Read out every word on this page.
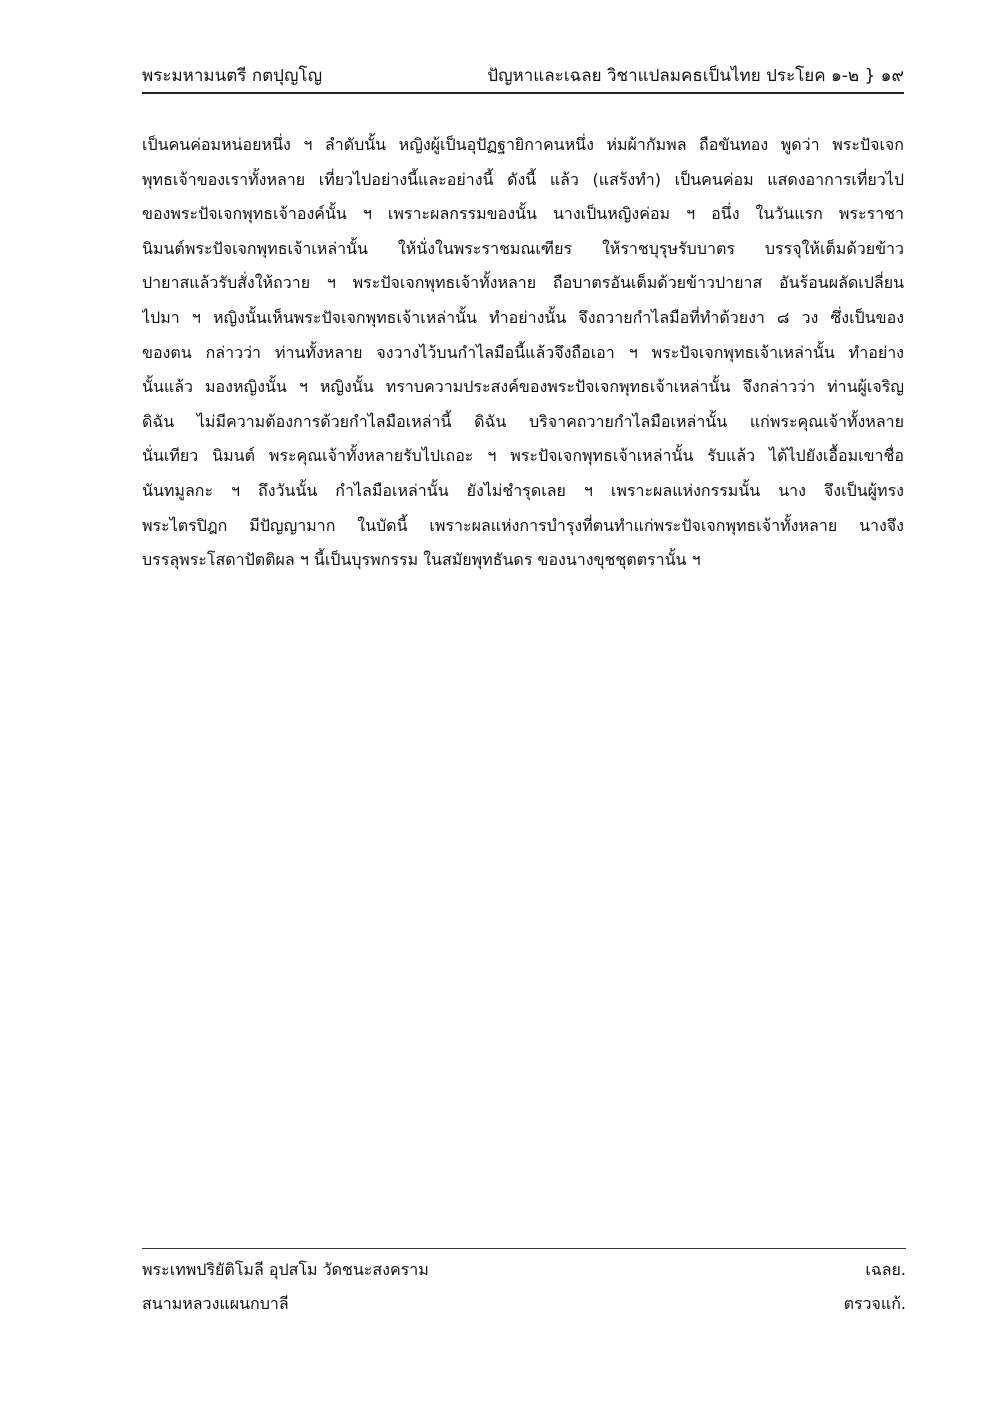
พระมหามนตรี กตปุญโญ	ปัญหาและเฉลย วิชาแปลมคธเป็นไทย ประโยค ๑-๒ } ๑๙
เป็นคนค่อมหน่อยหนึ่ง ฯ ลำดับนั้น หญิงผู้เป็นอุปัฏฐายิกาคนหนึ่ง ห่มผ้ากัมพล ถือขันทอง พูดว่า พระปัจเจก
พุทธเจ้าของเราทั้งหลาย เที่ยวไปอย่างนี้และอย่างนี้ ดังนี้ แล้ว (แสร้งทำ) เป็นคนค่อม แสดงอาการเที่ยวไป
ของพระปัจเจกพุทธเจ้าองค์นั้น ฯ เพราะผลกรรมของนั้น นางเป็นหญิงค่อม ฯ อนึ่ง ในวันแรก พระราชา
นิมนต์พระปัจเจกพุทธเจ้าเหล่านั้น ให้นั่งในพระราชมณเฑียร ให้ราชบุรุษรับบาตร บรรจุให้เต็มด้วยข้าว
ปายาสแล้วรับสั่งให้ถวาย ฯ พระปัจเจกพุทธเจ้าทั้งหลาย ถือบาตรอันเต็มด้วยข้าวปายาส อันร้อนผลัดเปลี่ยน
ไปมา ฯ หญิงนั้นเห็นพระปัจเจกพุทธเจ้าเหล่านั้น ทำอย่างนั้น จึงถวายกำไลมือที่ทำด้วยงา ๘ วง ซึ่งเป็นของ
ของตน กล่าวว่า ท่านทั้งหลาย จงวางไว้บนกำไลมือนี้แล้วจึงถือเอา ฯ พระปัจเจกพุทธเจ้าเหล่านั้น ทำอย่าง
นั้นแล้ว มองหญิงนั้น ฯ หญิงนั้น ทราบความประสงค์ของพระปัจเจกพุทธเจ้าเหล่านั้น จึงกล่าวว่า ท่านผู้เจริญ
ดิฉัน ไม่มีความต้องการด้วยกำไลมือเหล่านี้ ดิฉัน บริจาคถวายกำไลมือเหล่านั้น แก่พระคุณเจ้าทั้งหลาย
นั่นเทียว นิมนต์ พระคุณเจ้าทั้งหลายรับไปเถอะ ฯ พระปัจเจกพุทธเจ้าเหล่านั้น รับแล้ว ได้ไปยังเอื้อมเขาชื่อ
นันทมูลกะ ฯ ถึงวันนั้น กำไลมือเหล่านั้น ยังไม่ชำรุดเลย ฯ เพราะผลแห่งกรรมนั้น นาง จึงเป็นผู้ทรง
พระไตรปิฎก มีปัญญามาก ในบัดนี้ เพราะผลแห่งการบำรุงที่ตนทำแก่พระปัจเจกพุทธเจ้าทั้งหลาย นางจึง
บรรลุพระโสดาปัตติผล ฯ นี้เป็นบุรพกรรม ในสมัยพุทธันดร ของนางขุชชุตตรานั้น ฯ
พระเทพปริยัติโมลี อุปสโม วัดชนะสงคราม	เฉลย.
สนามหลวงแผนกบาลี	ตรวจแก้.
